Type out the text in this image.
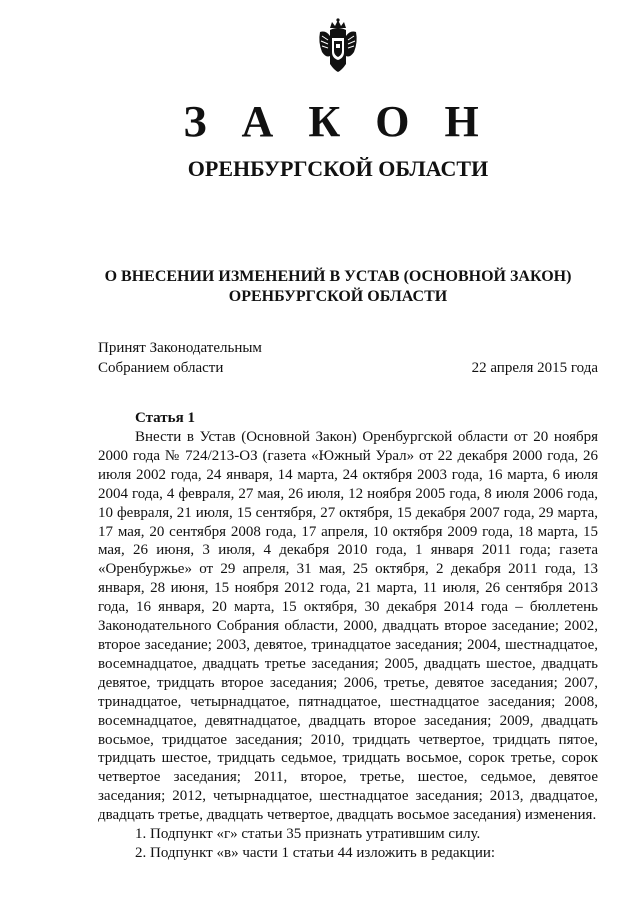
З А К О Н
ОРЕНБУРГСКОЙ ОБЛАСТИ
О ВНЕСЕНИИ ИЗМЕНЕНИЙ В УСТАВ (ОСНОВНОЙ ЗАКОН)
ОРЕНБУРГСКОЙ ОБЛАСТИ
Принят Законодательным
Собранием области	22 апреля 2015 года
Статья 1

Внести в Устав (Основной Закон) Оренбургской области от 20 ноября 2000 года № 724/213-ОЗ (газета «Южный Урал» от 22 декабря 2000 года, 26 июля 2002 года, 24 января, 14 марта, 24 октября 2003 года, 16 марта, 6 июля 2004 года, 4 февраля, 27 мая, 26 июля, 12 ноября 2005 года, 8 июля 2006 года, 10 февраля, 21 июля, 15 сентября, 27 октября, 15 декабря 2007 года, 29 марта, 17 мая, 20 сентября 2008 года, 17 апреля, 10 октября 2009 года, 18 марта, 15 мая, 26 июня, 3 июля, 4 декабря 2010 года, 1 января 2011 года; газета «Оренбуржье» от 29 апреля, 31 мая, 25 октября, 2 декабря 2011 года, 13 января, 28 июня, 15 ноября 2012 года, 21 марта, 11 июля, 26 сентября 2013 года, 16 января, 20 марта, 15 октября, 30 декабря 2014 года – бюллетень Законодательного Собрания области, 2000, двадцать второе заседание; 2002, второе заседание; 2003, девятое, тринадцатое заседания; 2004, шестнадцатое, восемнадцатое, двадцать третье заседания; 2005, двадцать шестое, двадцать девятое, тридцать второе заседания; 2006, третье, девятое заседания; 2007, тринадцатое, четырнадцатое, пятнадцатое, шестнадцатое заседания; 2008, восемнадцатое, девятнадцатое, двадцать второе заседания; 2009, двадцать восьмое, тридцатое заседания; 2010, тридцать четвертое, тридцать пятое, тридцать шестое, тридцать седьмое, тридцать восьмое, сорок третье, сорок четвертое заседания; 2011, второе, третье, шестое, седьмое, девятое заседания; 2012, четырнадцатое, шестнадцатое заседания; 2013, двадцатое, двадцать третье, двадцать четвертое, двадцать восьмое заседания) изменения.

1. Подпункт «г» статьи 35 признать утратившим силу.

2. Подпункт «в» части 1 статьи 44 изложить в редакции:
